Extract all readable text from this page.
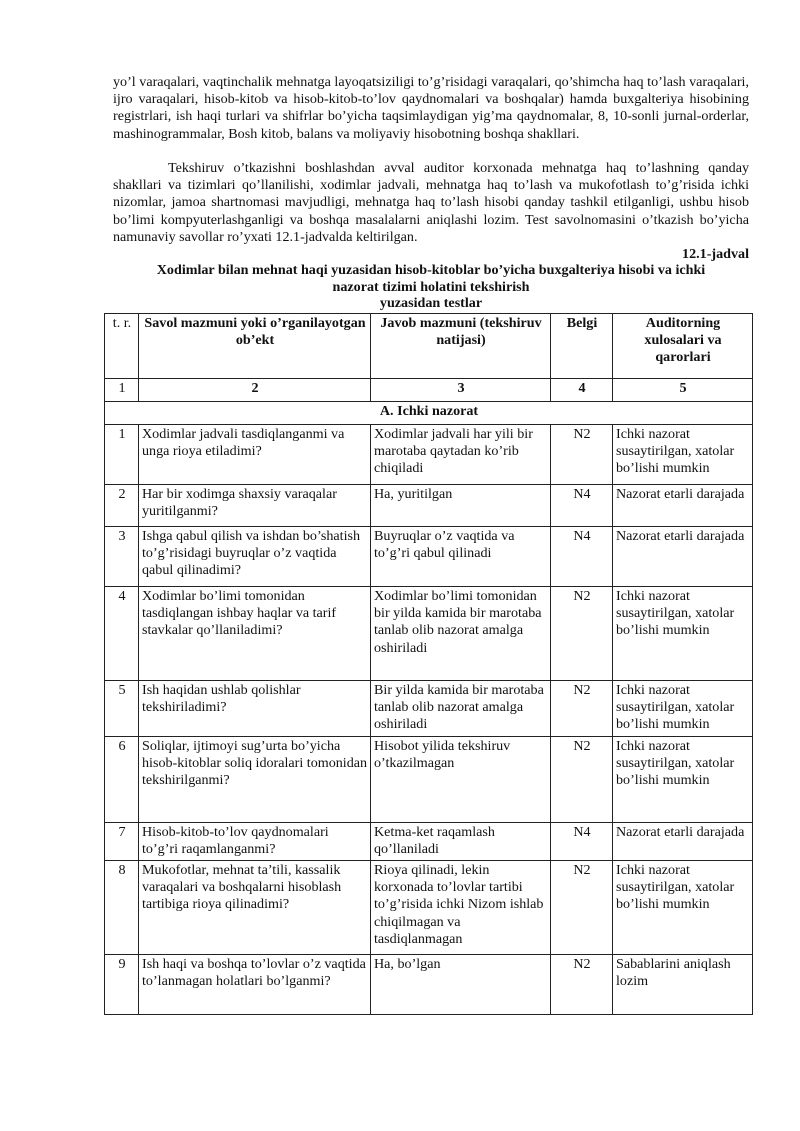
yo’l varaqalari, vaqtinchalik mehnatga layoqatsiziligi to’g’risidagi varaqalari, qo’shimcha haq to’lash varaqalari, ijro varaqalari, hisob-kitob va hisob-kitob-to’lov qaydnomalari va boshqalar) hamda buxgalteriya hisobining registrlari, ish haqi turlari va shifrlar bo’yicha taqsimlaydigan yig’ma qaydnomalar, 8, 10-sonli jurnal-orderlar, mashinogrammalar, Bosh kitob, balans va moliyaviy hisobotning boshqa shakllari.

Tekshiruv o’tkazishni boshlashdan avval auditor korxonada mehnatga haq to’lashning qanday shakllari va tizimlari qo’llanilishi, xodimlar jadvali, mehnatga haq to’lash va mukofotlash to’g’risida ichki nizomlar, jamoa shartnomasi mavjudligi, mehnatga haq to’lash hisobi qanday tashkil etilganligi, ushbu hisob bo’limi kompyuterlashganligi va boshqa masalalarni aniqlashi lozim. Test savolnomasini o’tkazish bo’yicha namunaviy savollar ro’yxati 12.1-jadvalda keltirilgan.

12.1-jadval
Xodimlar bilan mehnat haqi yuzasidan hisob-kitoblar bo’yicha buxgalteriya hisobi va ichki
nazorat tizimi holatini tekshirish
yuzasidan testlar
t. r.	Savol mazmuni yoki o’rganilayotgan ob’ekt	Javob mazmuni (tekshiruv natijasi)	Belgi	Auditorning xulosalari va qarorlari
1	2	3	4	5
A. Ichki nazorat				
1	Xodimlar jadvali tasdiqlanganmi va unga rioya etiladimi?	Xodimlar jadvali har yili bir marotaba qaytadan ko’rib chiqiladi	N2	Ichki nazorat susaytirilgan, xatolar bo’lishi mumkin
2	Har bir xodimga shaxsiy varaqalar yuritilganmi?	Ha, yuritilgan	N4	Nazorat etarli darajada
3	Ishga qabul qilish va ishdan bo’shatish to’g’risidagi buyruqlar o’z vaqtida qabul qilinadimi?	Buyruqlar o’z vaqtida va to’g’ri qabul qilinadi	N4	Nazorat etarli darajada
4	Xodimlar bo’limi tomonidan tasdiqlangan ishbay haqlar va tarif stavkalar qo’llaniladimi?	Xodimlar bo’limi tomonidan bir yilda kamida bir marotaba tanlab olib nazorat amalga oshiriladi	N2	Ichki nazorat susaytirilgan, xatolar bo’lishi mumkin
5	Ish haqidan ushlab qolishlar tekshiriladimi?	Bir yilda kamida bir marotaba tanlab olib nazorat amalga oshiriladi	N2	Ichki nazorat susaytirilgan, xatolar bo’lishi mumkin
6	Soliqlar, ijtimoyi sug’urta bo’yicha hisob-kitoblar soliq idoralari tomonidan tekshirilganmi?	Hisobot yilida tekshiruv o’tkazilmagan	N2	Ichki nazorat susaytirilgan, xatolar bo’lishi mumkin
7	Hisob-kitob-to’lov qaydnomalari to’g’ri raqamlanganmi?	Ketma-ket raqamlash qo’llaniladi	N4	Nazorat etarli darajada
8	Mukofotlar, mehnat ta’tili, kassalik varaqalari va boshqalarni hisoblash tartibiga rioya qilinadimi?	Rioya qilinadi, lekin korxonada to’lovlar tartibi to’g’risida ichki Nizom ishlab chiqilmagan va tasdiqlanmagan	N2	Ichki nazorat susaytirilgan, xatolar bo’lishi mumkin
9	Ish haqi va boshqa to’lovlar o’z vaqtida to’lanmagan holatlari bo’lganmi?	Ha, bo’lgan	N2	Sabablarini aniqlash lozim
